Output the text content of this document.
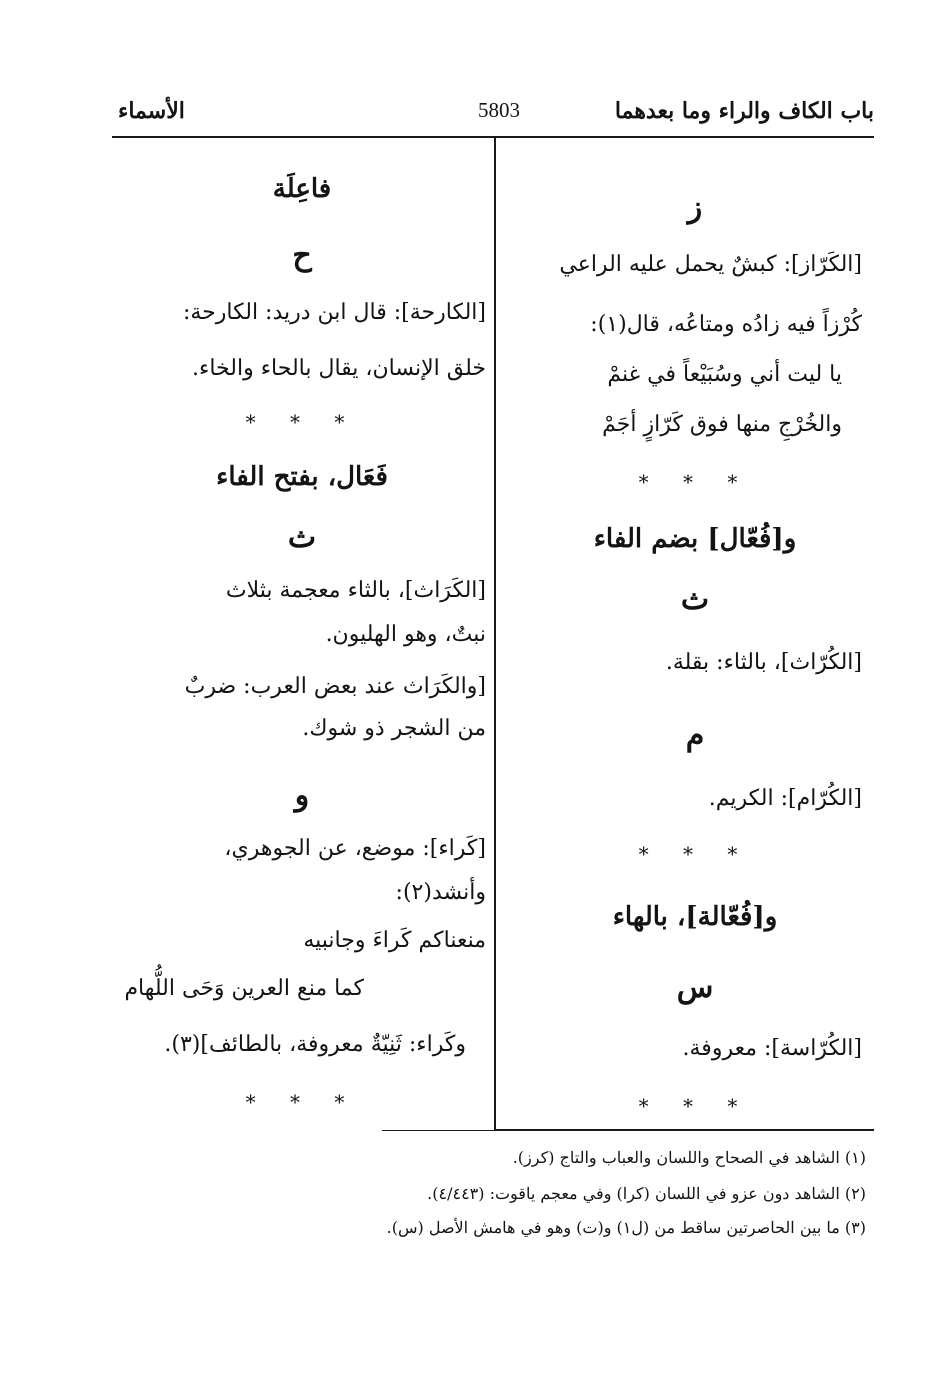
الأسماء	5803	باب الكاف والراء وما بعدهما
ز
[الكَرّاز]: كبشٌ يحمل عليه الراعي
كُرْزاً فيه زادُه ومتاعُه، قال(١):
يا ليت أني وسُبَيْعاً في غنمْ
والخُرْجِ منها فوق كَرّازٍ أجَمْ
* * *
و[فُعّال] بضم الفاء
ث
[الكُرّاث]، بالثاء: بقلة.
م
[الكُرّام]: الكريم.
* * *
و[فُعّالة]، بالهاء
س
[الكُرّاسة]: معروفة.
* * *
فاعِلَة
ح
[الكارحة]: قال ابن دريد: الكارحة:
خلق الإنسان، يقال بالحاء والخاء.
* * *
فَعَال، بفتح الفاء
ث
[الكَرَاث]، بالثاء معجمة بثلاث
نبتٌ، وهو الهليون.
[والكَرَاث عند بعض العرب: ضربٌ
من الشجر ذو شوك.
و
[كَراء]: موضع، عن الجوهري،
وأنشد(٢):
منعناكم كَراءَ وجانبيه
كما منع العرين وَحَى اللُّهام
وكَراء: ثَنِيّةٌ معروفة، بالطائف](٣).
* * *
(١) الشاهد في الصحاح واللسان والعباب والتاج (كرز).
(٢) الشاهد دون عزو في اللسان (كرا) وفي معجم ياقوت: (٤/٤٤٣).
(٣) ما بين الحاصرتين ساقط من (ل١) و(ت) وهو في هامش الأصل (س).
